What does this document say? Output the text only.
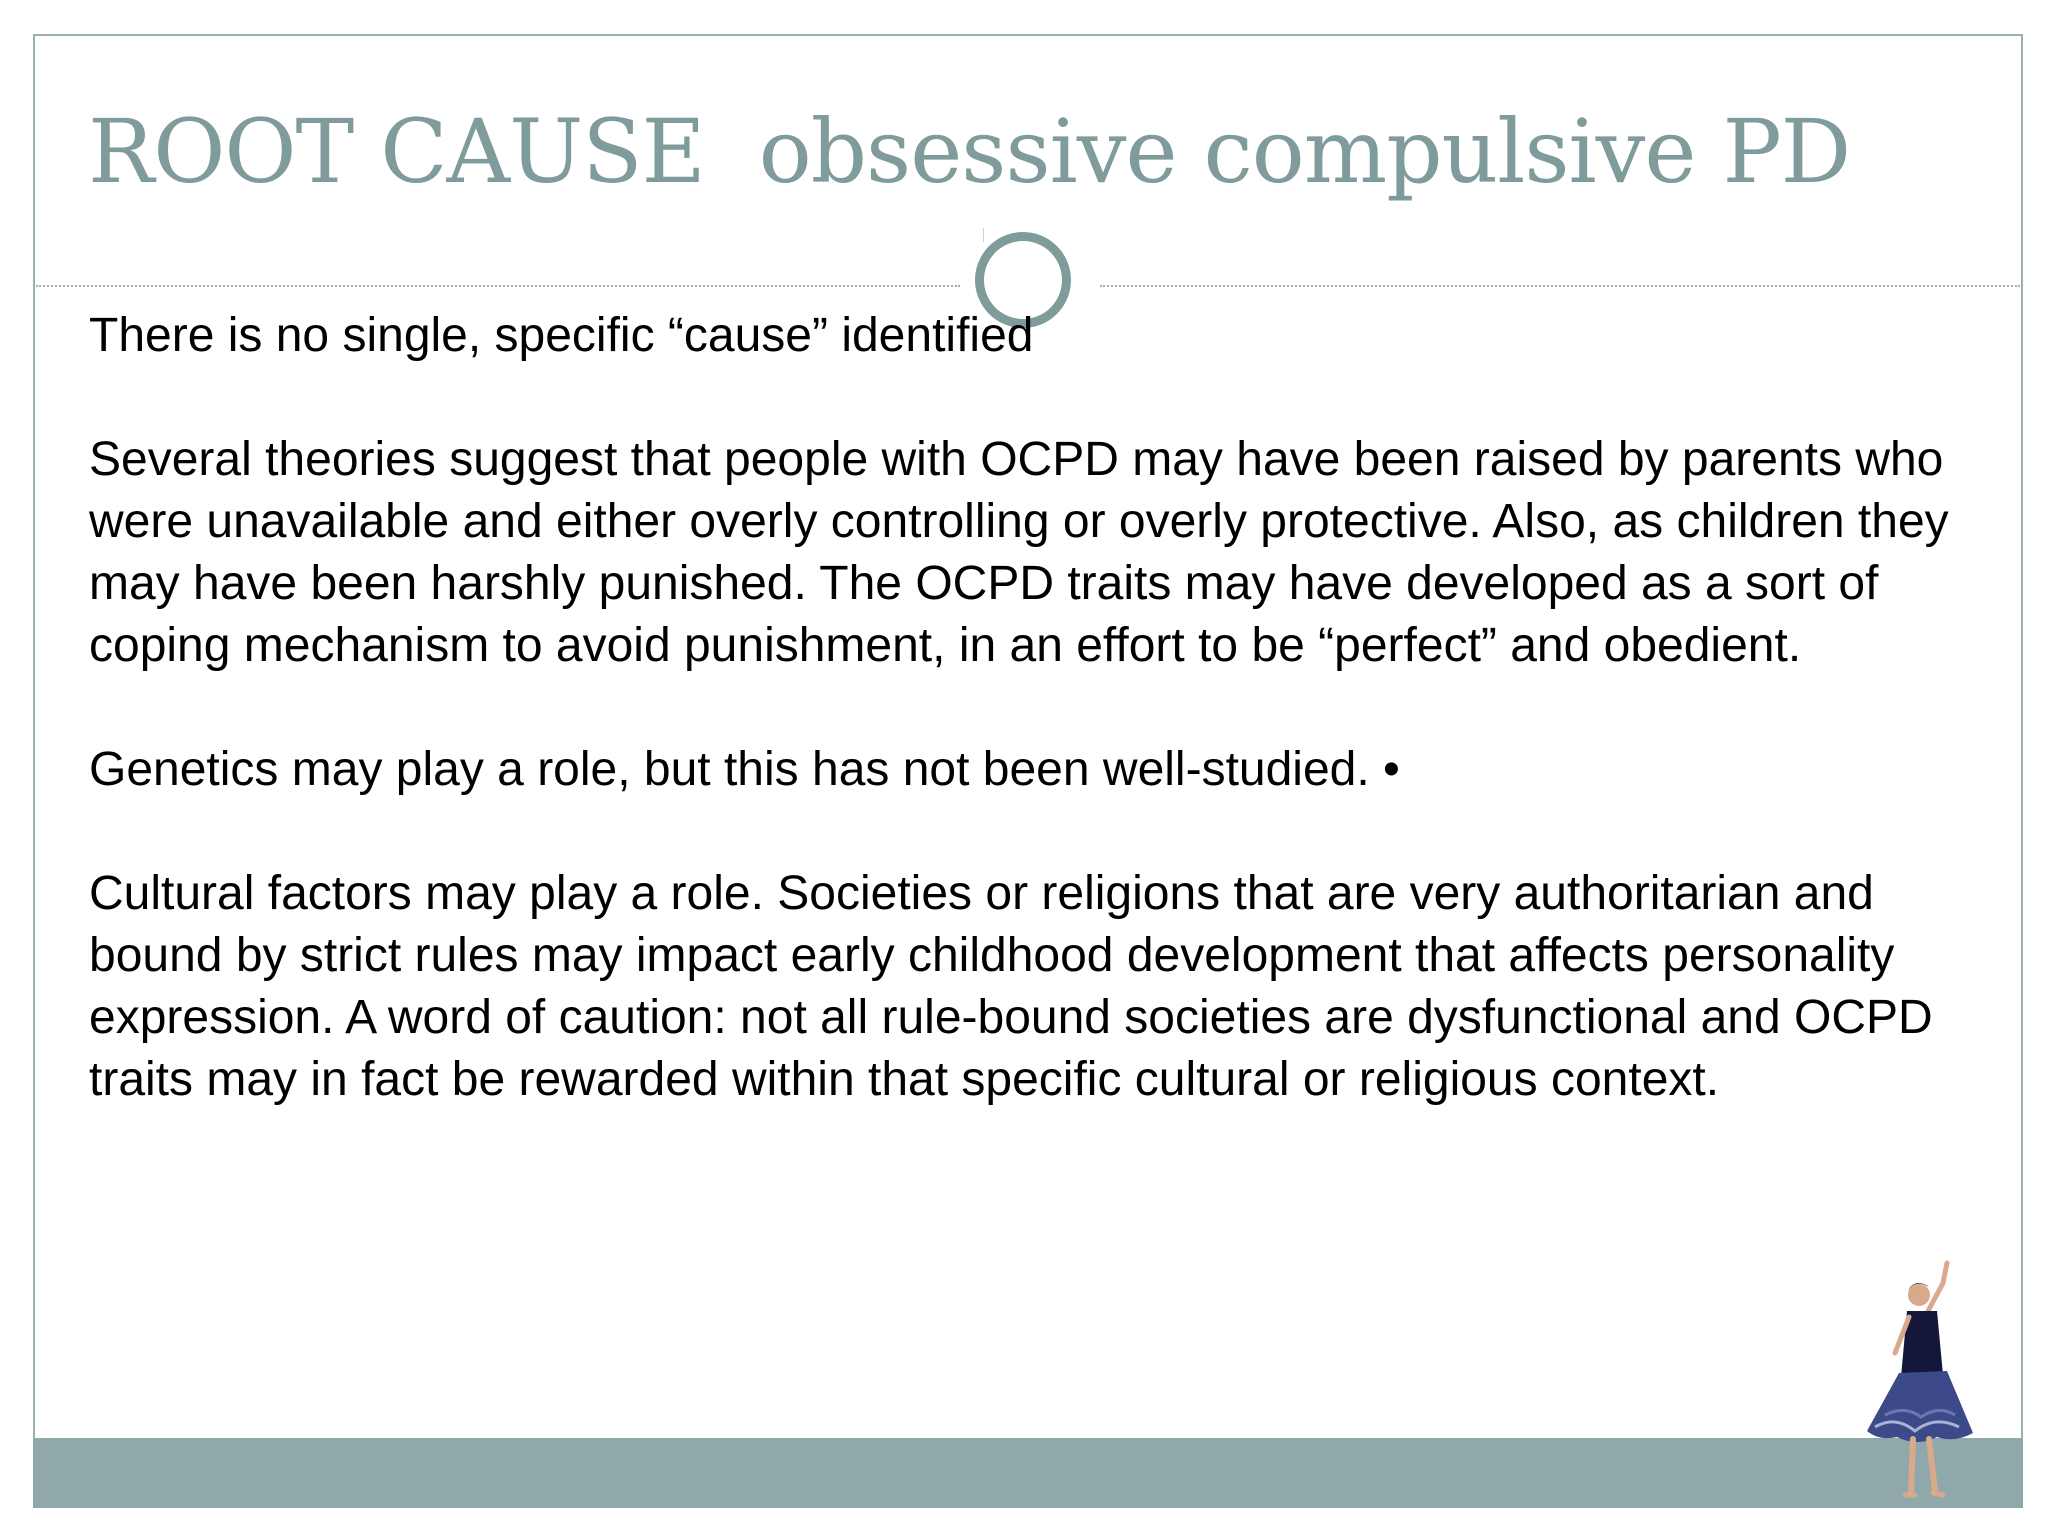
ROOT CAUSE  obsessive compulsive PD

There is no single, specific “cause” identified

Several theories suggest that people with OCPD may have been raised by parents who were unavailable and either overly controlling or overly protective. Also, as children they may have been harshly punished. The OCPD traits may have developed as a sort of coping mechanism to avoid punishment, in an effort to be “perfect” and obedient.

Genetics may play a role, but this has not been well-studied. •

Cultural factors may play a role. Societies or religions that are very authoritarian and bound by strict rules may impact early childhood development that affects personality expression. A word of caution: not all rule-bound societies are dysfunctional and OCPD traits may in fact be rewarded within that specific cultural or religious context.
